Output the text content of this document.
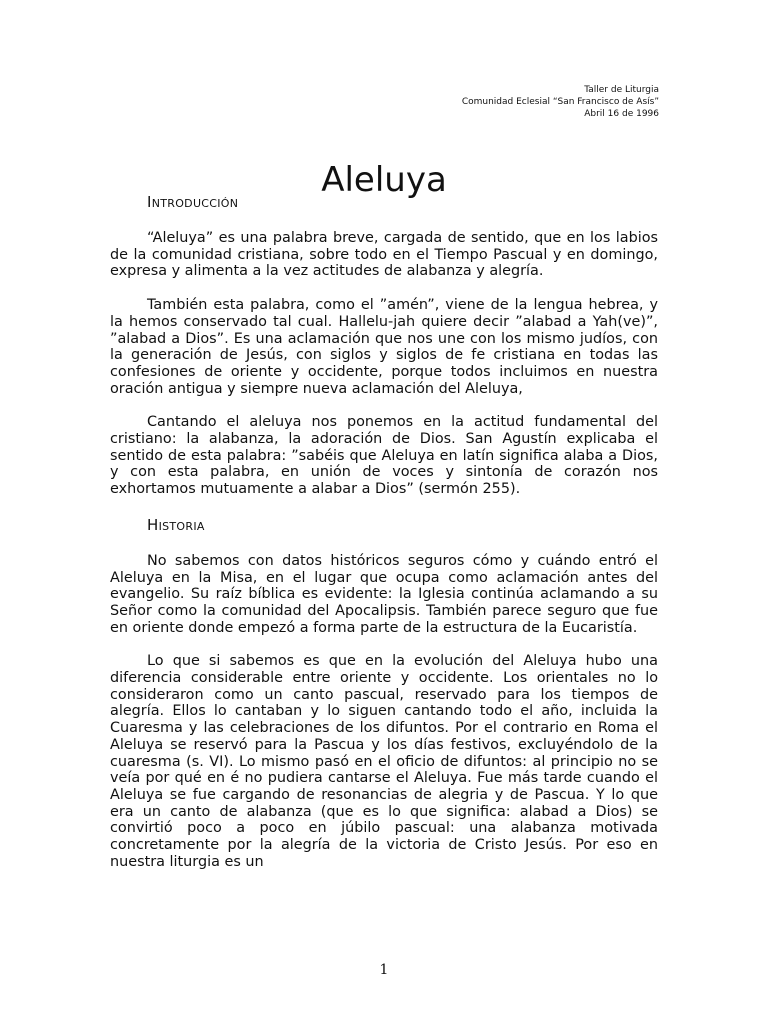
Taller de Liturgia
Comunidad Eclesial “San Francisco de Asís”
Abril 16 de 1996
Aleluya
Introducción

“Aleluya” es una palabra breve, cargada de sentido, que en los labios de la comunidad cristiana, sobre todo en el Tiempo Pascual y en domingo, expresa y alimenta a la vez actitudes de alabanza y alegría.

También esta palabra, como el ”amén”, viene de la lengua hebrea, y la hemos conservado tal cual. Hallelu-jah quiere decir ”alabad a Yah(ve)”, ”alabad a Dios”. Es una aclamación que nos une con los mismo judíos, con la generación de Jesús, con siglos y siglos de fe cristiana en todas las confesiones de oriente y occidente, porque todos incluimos en nuestra oración antigua y siempre nueva aclamación del Aleluya,

Cantando el aleluya nos ponemos en la actitud fundamental del cristiano: la alabanza, la adoración de Dios. San Agustín explicaba el sentido de esta palabra: ”sabéis que Aleluya en latín significa alaba a Dios, y con esta palabra, en unión de voces y sintonía de corazón nos exhortamos mutuamente a alabar a Dios” (sermón 255).

Historia

No sabemos con datos históricos seguros cómo y cuándo entró el Aleluya en la Misa, en el lugar que ocupa como aclamación antes del evangelio. Su raíz bíblica es evidente: la Iglesia continúa aclamando a su Señor como la comunidad del Apocalipsis. También parece seguro que fue en oriente donde empezó a forma parte de la estructura de la Eucaristía.

Lo que si sabemos es que en la evolución del Aleluya hubo una diferencia considerable entre oriente y occidente. Los orientales no lo consideraron como un canto pascual, reservado para los tiempos de alegría. Ellos lo cantaban y lo siguen cantando todo el año, incluida la Cuaresma y las celebraciones de los difuntos. Por el contrario en Roma el Aleluya se reservó para la Pascua y los días festivos, excluyéndolo de la cuaresma (s. VI). Lo mismo pasó en el oficio de difuntos: al principio no se veía por qué en é no pudiera cantarse el Aleluya. Fue más tarde cuando el Aleluya se fue cargando de resonancias de alegria y de Pascua. Y lo que era un canto de alabanza (que es lo que significa: alabad a Dios) se convirtió poco a poco en júbilo pascual: una alabanza motivada concretamente por la alegría de la victoria de Cristo Jesús. Por eso en nuestra liturgia es un

1
